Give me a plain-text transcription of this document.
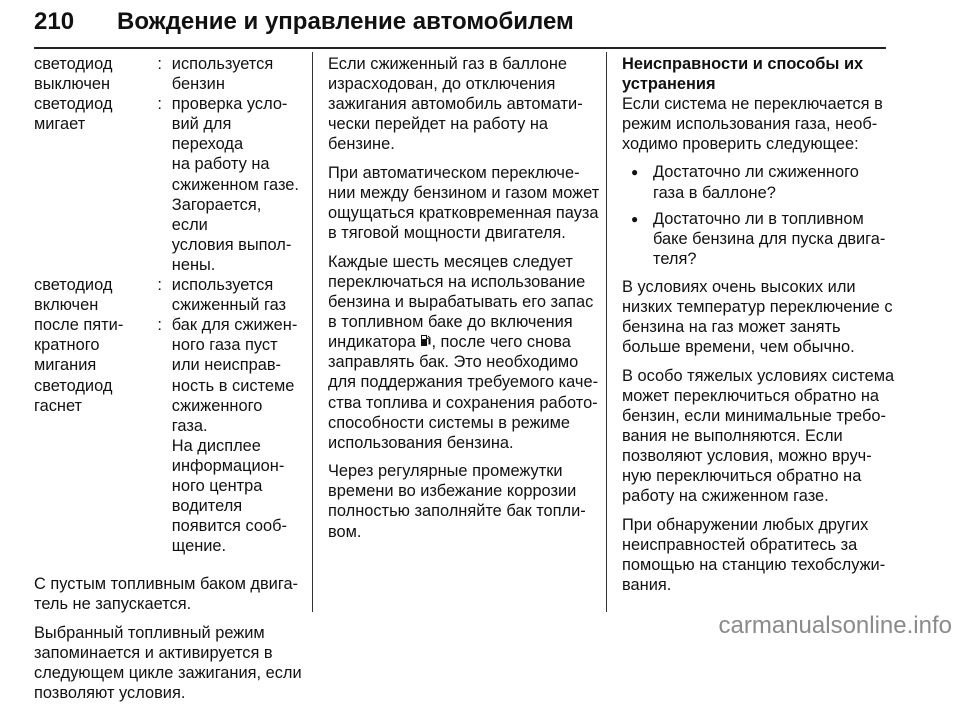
210 Вождение и управление автомобилем
светодиод
выключен
: используется
бензин
светодиод
мигает
: проверка усло-
вий для перехода
на работу на
сжиженном газе.
Загорается, если
условия выпол-
нены.
светодиод
включен
: используется
сжиженный газ
после пяти-
кратного
мигания
светодиод
гаснет
: бак для сжижен-
ного газа пуст
или неисправ-
ность в системе
сжиженного газа.
На дисплее
информацион-
ного центра
водителя
появится сооб-
щение.

С пустым топливным баком двига-
тель не запускается.

Выбранный топливный режим
запоминается и активируется в
следующем цикле зажигания, если
позволяют условия.

Если сжиженный газ в баллоне
израсходован, до отключения
зажигания автомобиль автомати-
чески перейдет на работу на
бензине.

При автоматическом переключе-
нии между бензином и газом может
ощущаться кратковременная пауза
в тяговой мощности двигателя.

Каждые шесть месяцев следует
переключаться на использование
бензина и вырабатывать его запас
в топливном баке до включения

индикатора , после чего снова

заправлять бак. Это необходимо

для поддержания требуемого каче-
ства топлива и сохранения работо-
способности системы в режиме
использования бензина.

Через регулярные промежутки
времени во избежание коррозии
полностью заполняйте бак топли-
вом.

Неисправности и способы их
устранения

Если система не переключается в
режим использования газа, необ-
ходимо проверить следующее:

● Достаточно ли сжиженного
газа в баллоне?
● Достаточно ли в топливном
баке бензина для пуска двига-
теля?

В условиях очень высоких или
низких температур переключение с
бензина на газ может занять
больше времени, чем обычно.

В особо тяжелых условиях система
может переключиться обратно на
бензин, если минимальные требо-
вания не выполняются. Если
позволяют условия, можно вруч-
ную переключиться обратно на
работу на сжиженном газе.

При обнаружении любых других
неисправностей обратитесь за
помощью на станцию техобслужи-
вания.

carmanualsonline.info
